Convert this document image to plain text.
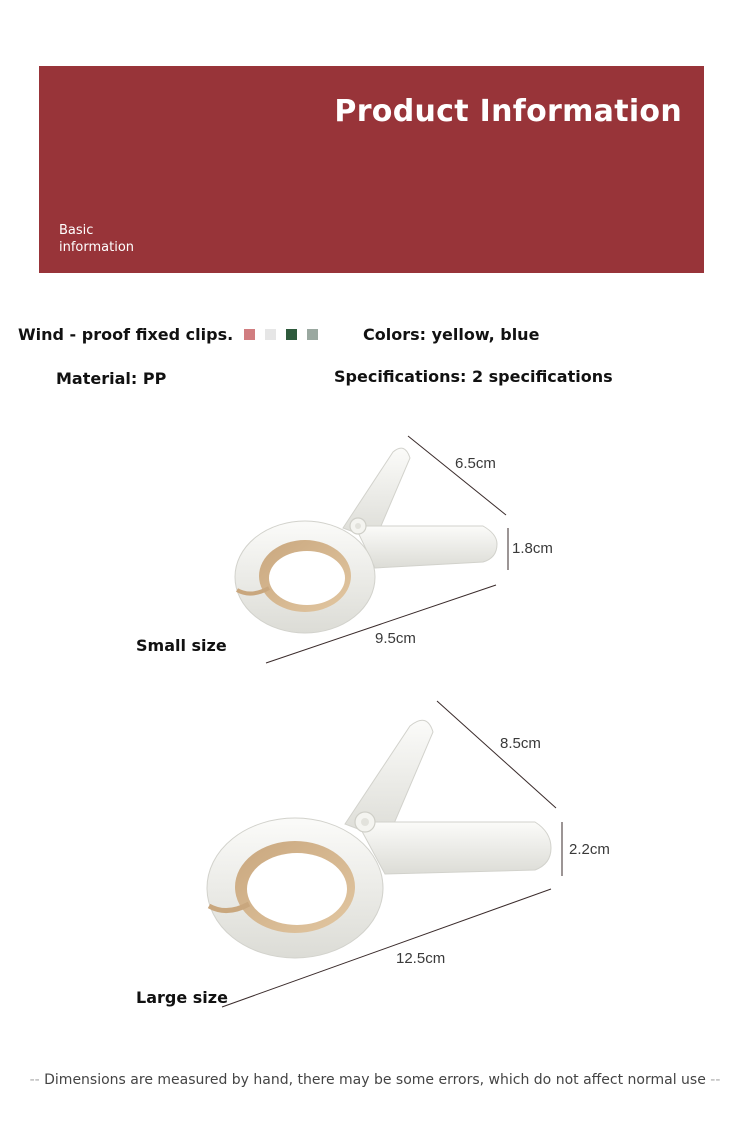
Product Information
Basic
information
Wind - proof fixed clips.	Colors: yellow, blue
Material: PP	Specifications: 2 specifications
6.5cm
1.8cm
9.5cm
Small size
8.5cm
2.2cm
12.5cm
Large size
-- Dimensions are measured by hand, there may be some errors, which do not affect normal use --
